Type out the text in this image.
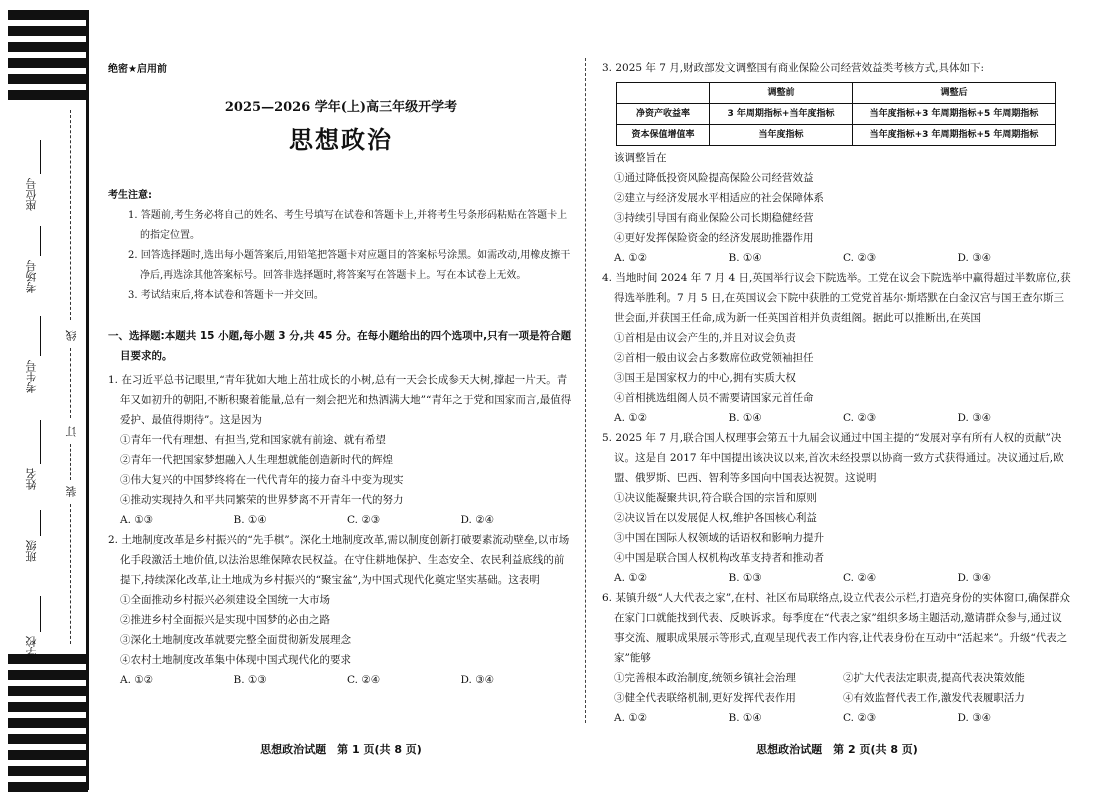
座位号
考场号
考生号
姓名
班级
学校
线
订
装
绝密★启用前
2025—2026 学年(上)高三年级开学考
思想政治
考生注意:
1. 答题前,考生务必将自己的姓名、考生号填写在试卷和答题卡上,并将考生号条形码粘贴在答题卡上的指定位置。
2. 回答选择题时,选出每小题答案后,用铅笔把答题卡对应题目的答案标号涂黑。如需改动,用橡皮擦干净后,再选涂其他答案标号。回答非选择题时,将答案写在答题卡上。写在本试卷上无效。
3. 考试结束后,将本试卷和答题卡一并交回。
一、选择题:本题共 15 小题,每小题 3 分,共 45 分。在每小题给出的四个选项中,只有一项是符合题目要求的。
1. 在习近平总书记眼里,“青年犹如大地上茁壮成长的小树,总有一天会长成参天大树,撑起一片天。青年又如初升的朝阳,不断积聚着能量,总有一刻会把光和热洒满大地”“青年之于党和国家而言,最值得爱护、最值得期待”。这是因为
①青年一代有理想、有担当,党和国家就有前途、就有希望
②青年一代把国家梦想融入人生理想就能创造新时代的辉煌
③伟大复兴的中国梦终将在一代代青年的接力奋斗中变为现实
④推动实现持久和平共同繁荣的世界梦离不开青年一代的努力
A. ①③	B. ①④	C. ②③	D. ②④
2. 土地制度改革是乡村振兴的“先手棋”。深化土地制度改革,需以制度创新打破要素流动壁垒,以市场化手段激活土地价值,以法治思维保障农民权益。在守住耕地保护、生态安全、农民利益底线的前提下,持续深化改革,让土地成为乡村振兴的“聚宝盆”,为中国式现代化奠定坚实基础。这表明
①全面推动乡村振兴必须建设全国统一大市场
②推进乡村全面振兴是实现中国梦的必由之路
③深化土地制度改革就要完整全面贯彻新发展理念
④农村土地制度改革集中体现中国式现代化的要求
A. ①②	B. ①③	C. ②④	D. ③④
思想政治试题　第 1 页(共 8 页)
3. 2025 年 7 月,财政部发文调整国有商业保险公司经营效益类考核方式,具体如下:
	调整前	调整后
净资产收益率	3 年周期指标+当年度指标	当年度指标+3 年周期指标+5 年周期指标
资本保值增值率	当年度指标	当年度指标+3 年周期指标+5 年周期指标
该调整旨在
①通过降低投资风险提高保险公司经营效益
②建立与经济发展水平相适应的社会保障体系
③持续引导国有商业保险公司长期稳健经营
④更好发挥保险资金的经济发展助推器作用
A. ①②	B. ①④	C. ②③	D. ③④
4. 当地时间 2024 年 7 月 4 日,英国举行议会下院选举。工党在议会下院选举中赢得超过半数席位,获得选举胜利。7 月 5 日,在英国议会下院中获胜的工党党首基尔·斯塔默在白金汉宫与国王查尔斯三世会面,并获国王任命,成为新一任英国首相并负责组阁。据此可以推断出,在英国
①首相是由议会产生的,并且对议会负责
②首相一般由议会占多数席位政党领袖担任
③国王是国家权力的中心,拥有实质大权
④首相挑选组阁人员不需要请国家元首任命
A. ①②	B. ①④	C. ②③	D. ③④
5. 2025 年 7 月,联合国人权理事会第五十九届会议通过中国主提的“发展对享有所有人权的贡献”决议。这是自 2017 年中国提出该决议以来,首次未经投票以协商一致方式获得通过。决议通过后,欧盟、俄罗斯、巴西、智利等多国向中国表达祝贺。这说明
①决议能凝聚共识,符合联合国的宗旨和原则
②决议旨在以发展促人权,维护各国核心利益
③中国在国际人权领域的话语权和影响力提升
④中国是联合国人权机构改革支持者和推动者
A. ①②	B. ①③	C. ②④	D. ③④
6. 某镇升级“人大代表之家”,在村、社区布局联络点,设立代表公示栏,打造亮身份的实体窗口,确保群众在家门口就能找到代表、反映诉求。每季度在“代表之家”组织多场主题活动,邀请群众参与,通过议事交流、履职成果展示等形式,直观呈现代表工作内容,让代表身份在互动中“活起来”。升级“代表之家”能够
①完善根本政治制度,统领乡镇社会治理	②扩大代表法定职责,提高代表决策效能
③健全代表联络机制,更好发挥代表作用	④有效监督代表工作,激发代表履职活力
A. ①②	B. ①④	C. ②③	D. ③④
思想政治试题　第 2 页(共 8 页)
